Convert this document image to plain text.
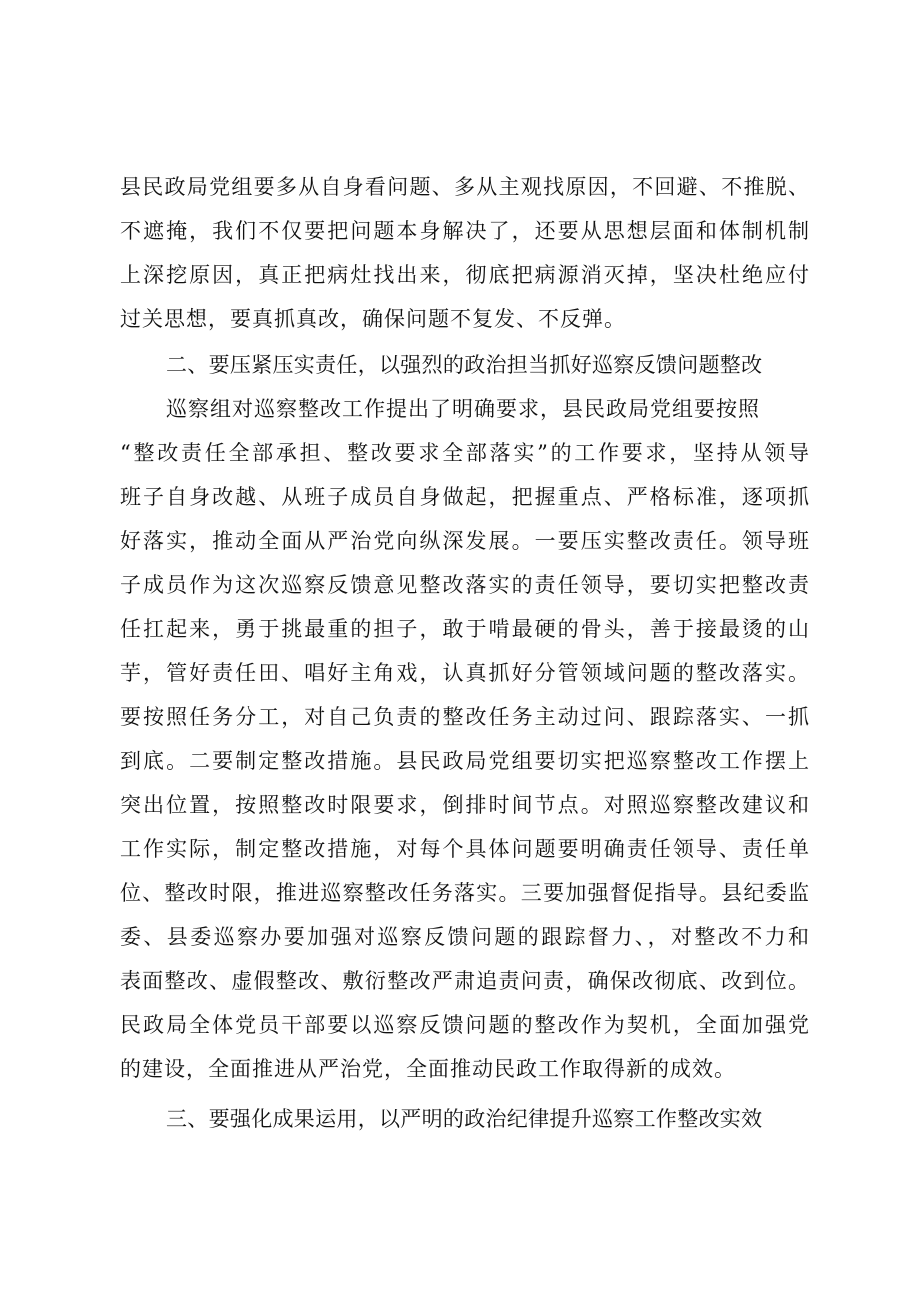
县民政局党组要多从自身看问题、多从主观找原因，不回避、不推脱、
不遮掩，我们不仅要把问题本身解决了，还要从思想层面和体制机制
上深挖原因，真正把病灶找出来，彻底把病源消灭掉，坚决杜绝应付
过关思想，要真抓真改，确保问题不复发、不反弹。
二、要压紧压实责任，以强烈的政治担当抓好巡察反馈问题整改
巡察组对巡察整改工作提出了明确要求，县民政局党组要按照
“整改责任全部承担、整改要求全部落实”的工作要求，坚持从领导
班子自身改越、从班子成员自身做起，把握重点、严格标准，逐项抓
好落实，推动全面从严治党向纵深发展。一要压实整改责任。领导班
子成员作为这次巡察反馈意见整改落实的责任领导，要切实把整改责
任扛起来，勇于挑最重的担子，敢于啃最硬的骨头，善于接最烫的山
芋，管好责任田、唱好主角戏，认真抓好分管领域问题的整改落实。
要按照任务分工，对自己负责的整改任务主动过问、跟踪落实、一抓
到底。二要制定整改措施。县民政局党组要切实把巡察整改工作摆上
突出位置，按照整改时限要求，倒排时间节点。对照巡察整改建议和
工作实际，制定整改措施，对每个具体问题要明确责任领导、责任单
位、整改时限，推进巡察整改任务落实。三要加强督促指导。县纪委监
委、县委巡察办要加强对巡察反馈问题的跟踪督力、，对整改不力和
表面整改、虚假整改、敷衍整改严肃追责问责，确保改彻底、改到位。
民政局全体党员干部要以巡察反馈问题的整改作为契机，全面加强党
的建设，全面推进从严治党，全面推动民政工作取得新的成效。
三、要强化成果运用，以严明的政治纪律提升巡察工作整改实效
